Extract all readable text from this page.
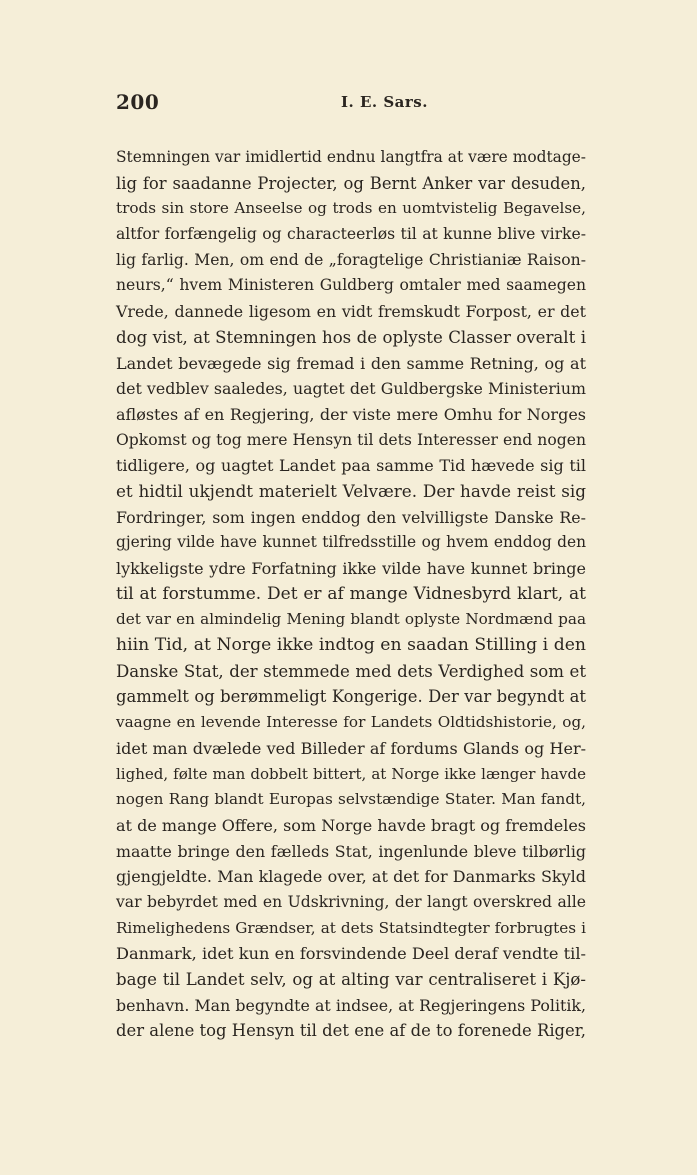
200	I. E. Sars.
Stemningen var imidlertid endnu langtfra at være modtage-
lig for saadanne Projecter, og Bernt Anker var desuden,
trods sin store Anseelse og trods en uomtvistelig Begavelse,
altfor forfængelig og characteerløs til at kunne blive virke-
lig farlig. Men, om end de „foragtelige Christianiæ Raison-
neurs,“ hvem Ministeren Guldberg omtaler med saamegen
Vrede, dannede ligesom en vidt fremskudt Forpost, er det
dog vist, at Stemningen hos de oplyste Classer overalt i
Landet bevægede sig fremad i den samme Retning, og at
det vedblev saaledes, uagtet det Guldbergske Ministerium
afløstes af en Regjering, der viste mere Omhu for Norges
Opkomst og tog mere Hensyn til dets Interesser end nogen
tidligere, og uagtet Landet paa samme Tid hævede sig til
et hidtil ukjendt materielt Velvære. Der havde reist sig
Fordringer, som ingen enddog den velvilligste Danske Re-
gjering vilde have kunnet tilfredsstille og hvem enddog den
lykkeligste ydre Forfatning ikke vilde have kunnet bringe
til at forstumme. Det er af mange Vidnesbyrd klart, at
det var en almindelig Mening blandt oplyste Nordmænd paa
hiin Tid, at Norge ikke indtog en saadan Stilling i den
Danske Stat, der stemmede med dets Verdighed som et
gammelt og berømmeligt Kongerige. Der var begyndt at
vaagne en levende Interesse for Landets Oldtidshistorie, og,
idet man dvælede ved Billeder af fordums Glands og Her-
lighed, følte man dobbelt bittert, at Norge ikke længer havde
nogen Rang blandt Europas selvstændige Stater. Man fandt,
at de mange Offere, som Norge havde bragt og fremdeles
maatte bringe den fælleds Stat, ingenlunde bleve tilbørlig
gjengjeldte. Man klagede over, at det for Danmarks Skyld
var bebyrdet med en Udskrivning, der langt overskred alle
Rimelighedens Grændser, at dets Statsindtegter forbrugtes i
Danmark, idet kun en forsvindende Deel deraf vendte til-
bage til Landet selv, og at alting var centraliseret i Kjø-
benhavn. Man begyndte at indsee, at Regjeringens Politik,
der alene tog Hensyn til det ene af de to forenede Riger,
